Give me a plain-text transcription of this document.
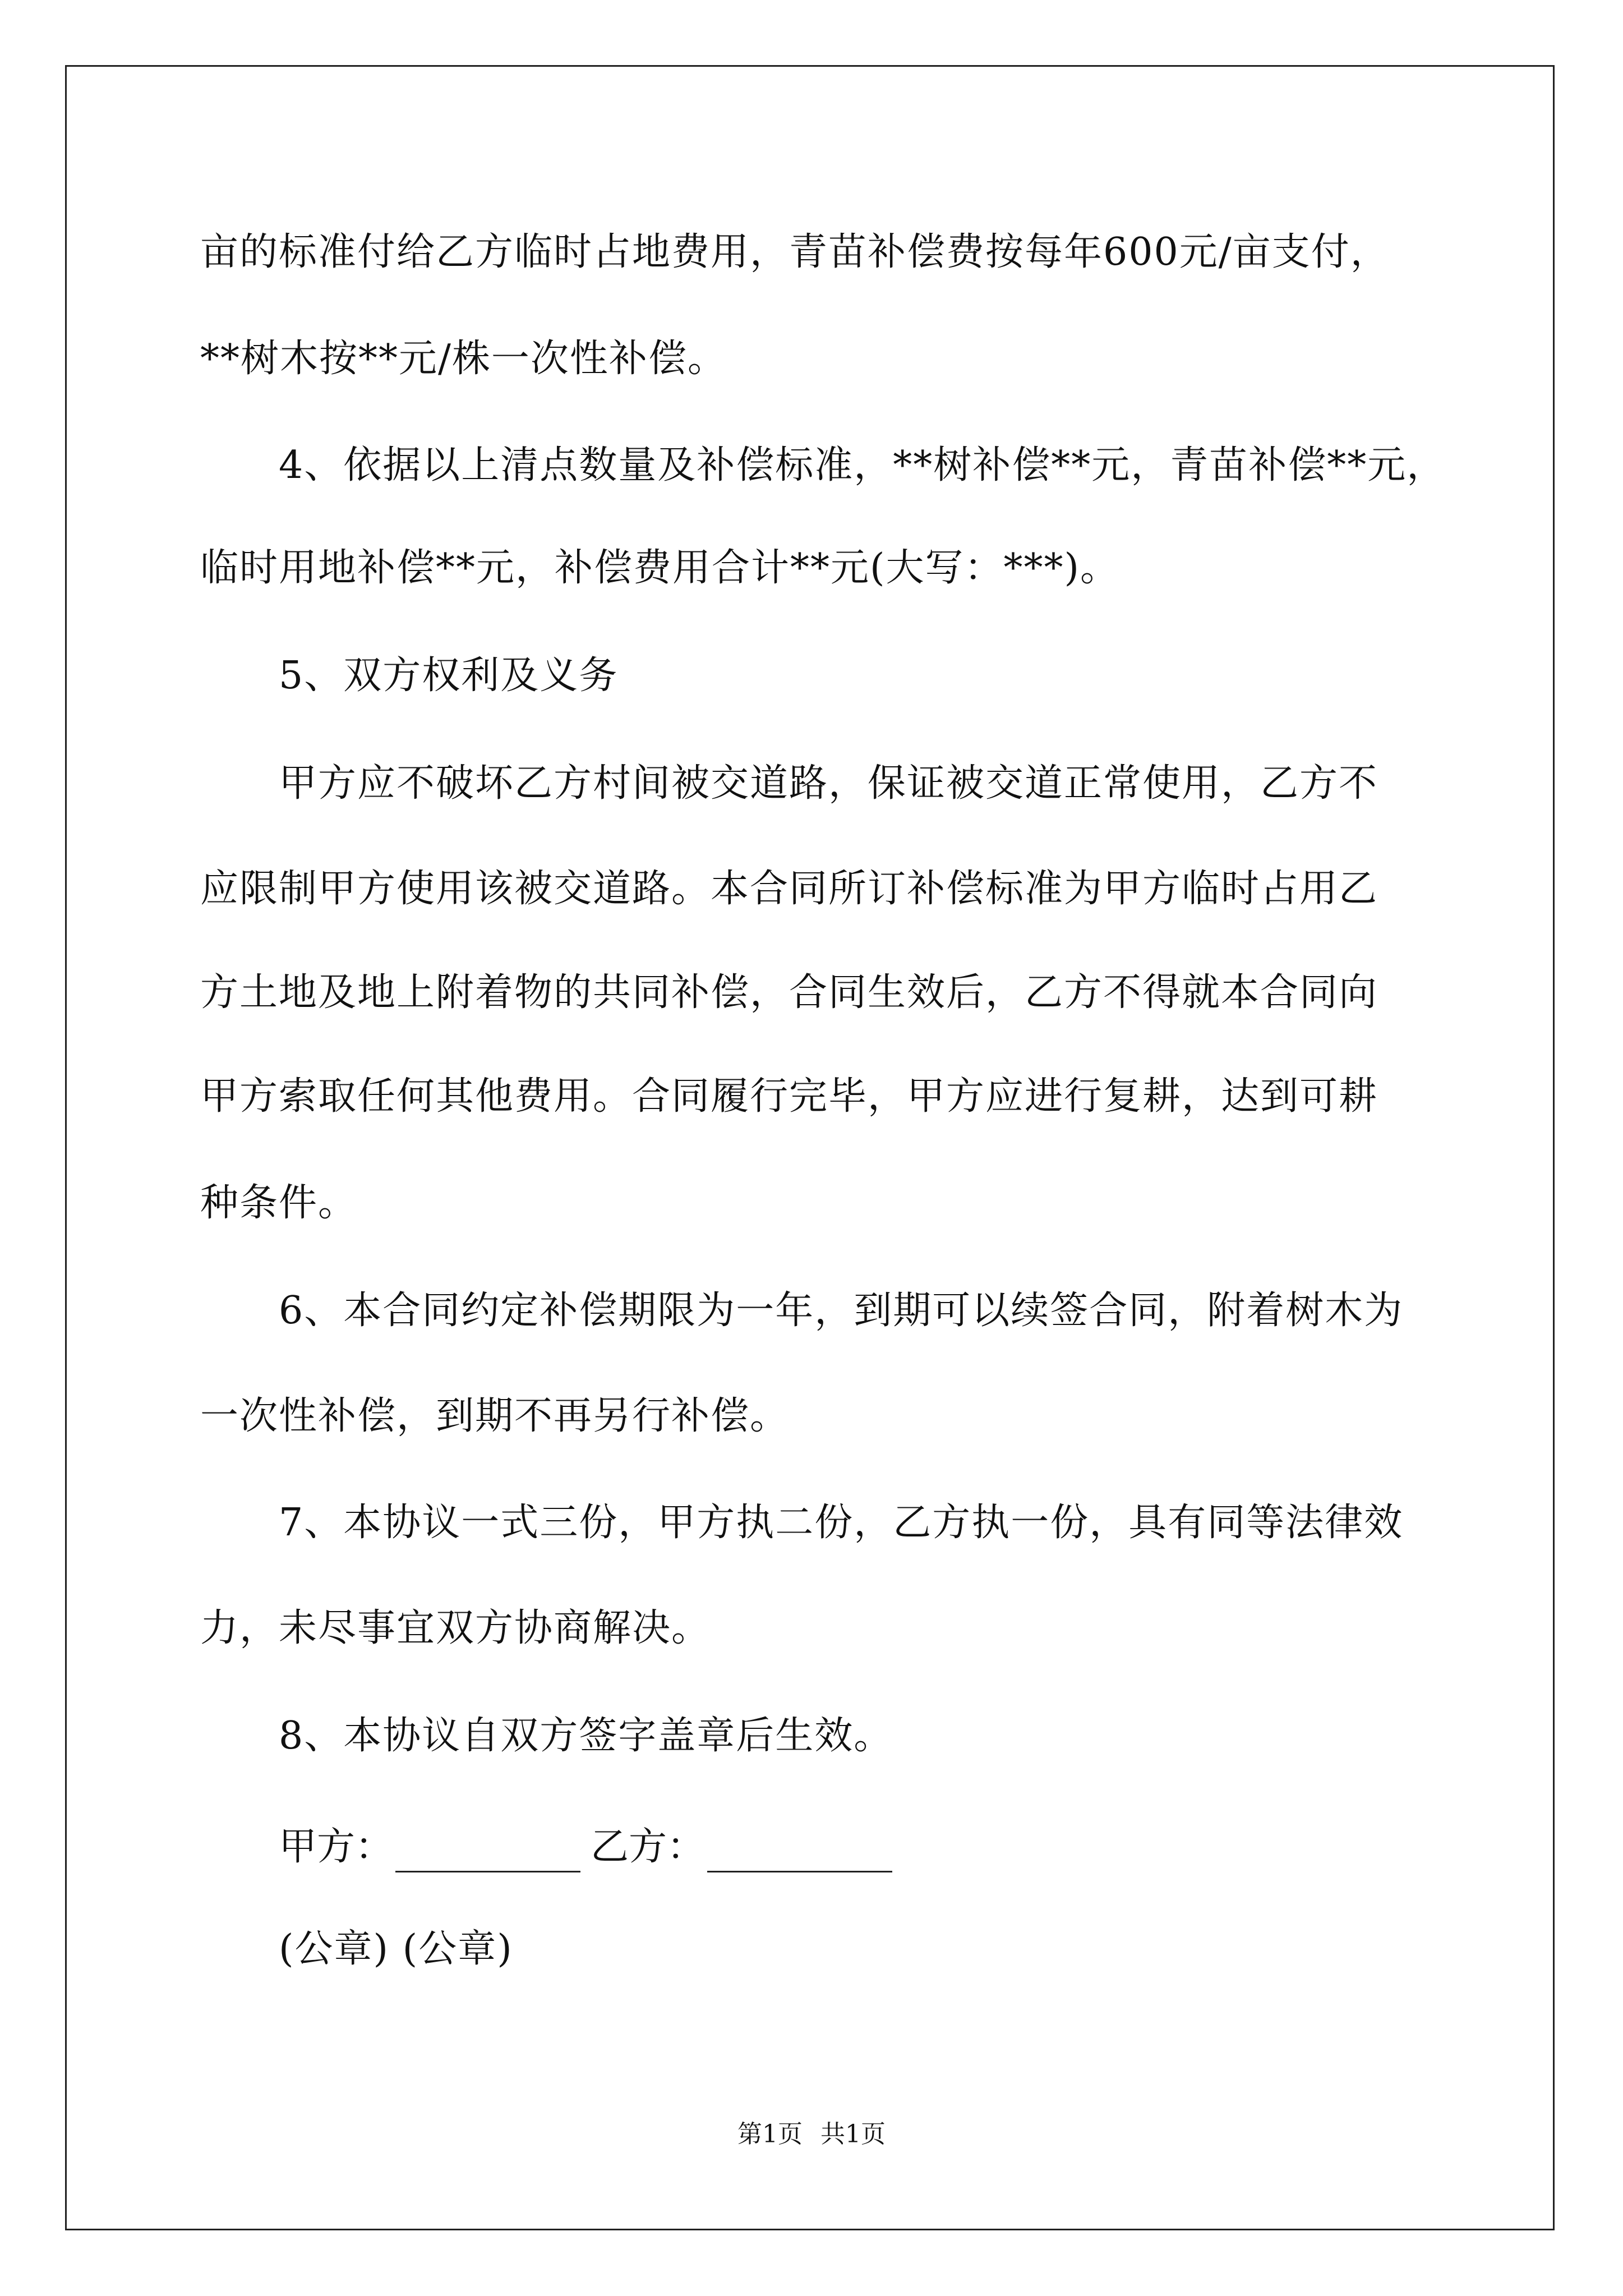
亩的标准付给乙方临时占地费用，青苗补偿费按每年600元/亩支付，
**树木按**元/株一次性补偿。
4、依据以上清点数量及补偿标准，**树补偿**元，青苗补偿**元，
临时用地补偿**元，补偿费用合计**元(大写：***)。
5、双方权利及义务
甲方应不破坏乙方村间被交道路，保证被交道正常使用，乙方不
应限制甲方使用该被交道路。本合同所订补偿标准为甲方临时占用乙
方土地及地上附着物的共同补偿，合同生效后，乙方不得就本合同向
甲方索取任何其他费用。合同履行完毕，甲方应进行复耕，达到可耕
种条件。
6、本合同约定补偿期限为一年，到期可以续签合同，附着树木为
一次性补偿，到期不再另行补偿。
7、本协议一式三份，甲方执二份，乙方执一份，具有同等法律效
力，未尽事宜双方协商解决。
8、本协议自双方签字盖章后生效。
甲方：	乙方：
(公章) (公章)
第1页 共1页
